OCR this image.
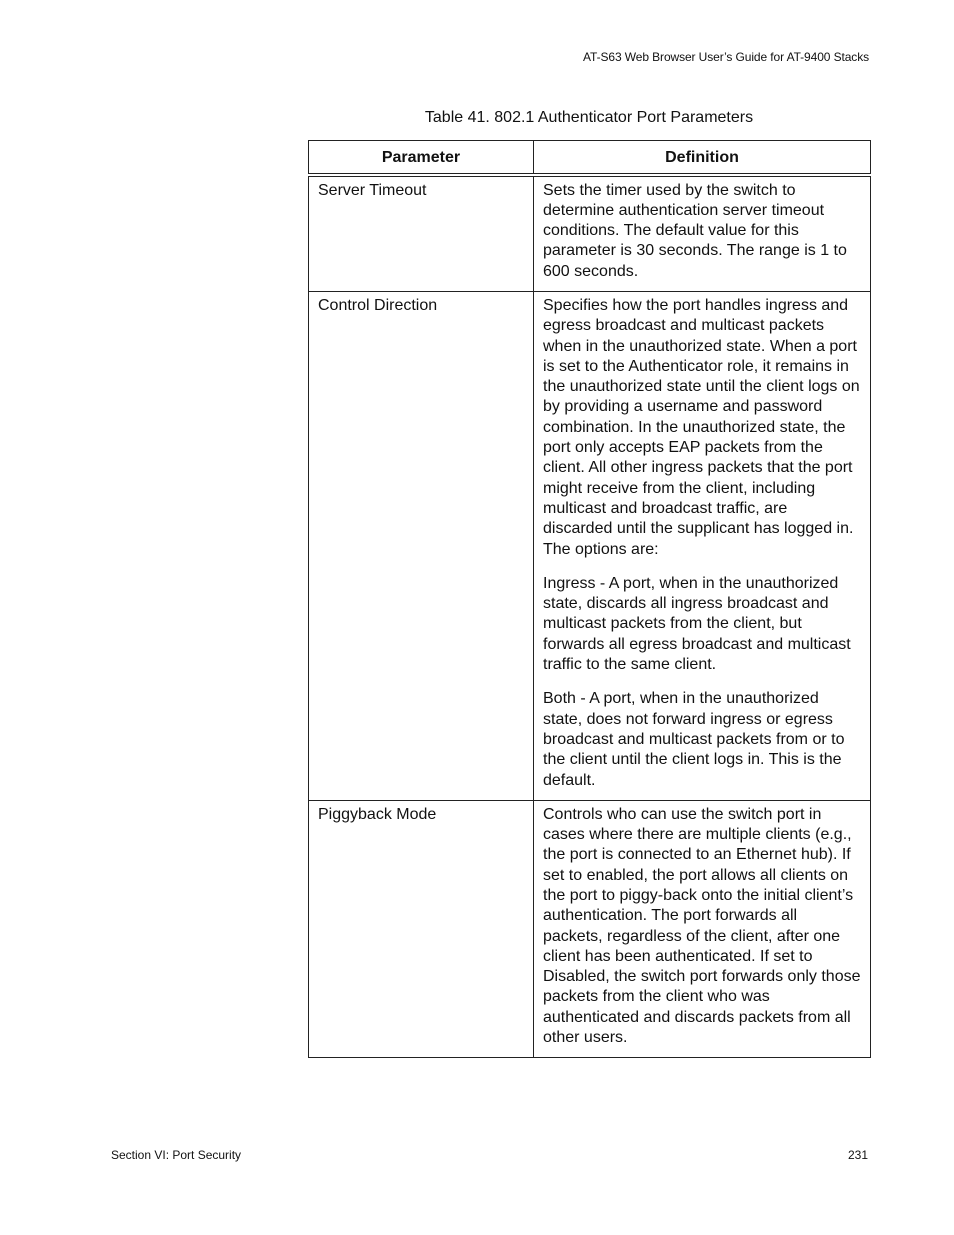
AT-S63 Web Browser User’s Guide for AT-9400 Stacks
Table 41. 802.1 Authenticator Port Parameters
Parameter	Definition
Server Timeout	Sets the timer used by the switch to determine authentication server timeout conditions. The default value for this parameter is 30 seconds. The range is 1 to 600 seconds.

Control Direction	Specifies how the port handles ingress and egress broadcast and multicast packets when in the unauthorized state. When a port is set to the Authenticator role, it remains in the unauthorized state until the client logs on by providing a username and password combination. In the unauthorized state, the port only accepts EAP packets from the client. All other ingress packets that the port might receive from the client, including multicast and broadcast traffic, are discarded until the supplicant has logged in. The options are:

Ingress - A port, when in the unauthorized state, discards all ingress broadcast and multicast packets from the client, but forwards all egress broadcast and multicast traffic to the same client.

Both - A port, when in the unauthorized state, does not forward ingress or egress broadcast and multicast packets from or to the client until the client logs in. This is the default.

Piggyback Mode	Controls who can use the switch port in cases where there are multiple clients (e.g., the port is connected to an Ethernet hub). If set to enabled, the port allows all clients on the port to piggy-back onto the initial client’s authentication. The port forwards all packets, regardless of the client, after one client has been authenticated. If set to Disabled, the switch port forwards only those packets from the client who was authenticated and discards packets from all other users.

Section VI: Port Security	231
